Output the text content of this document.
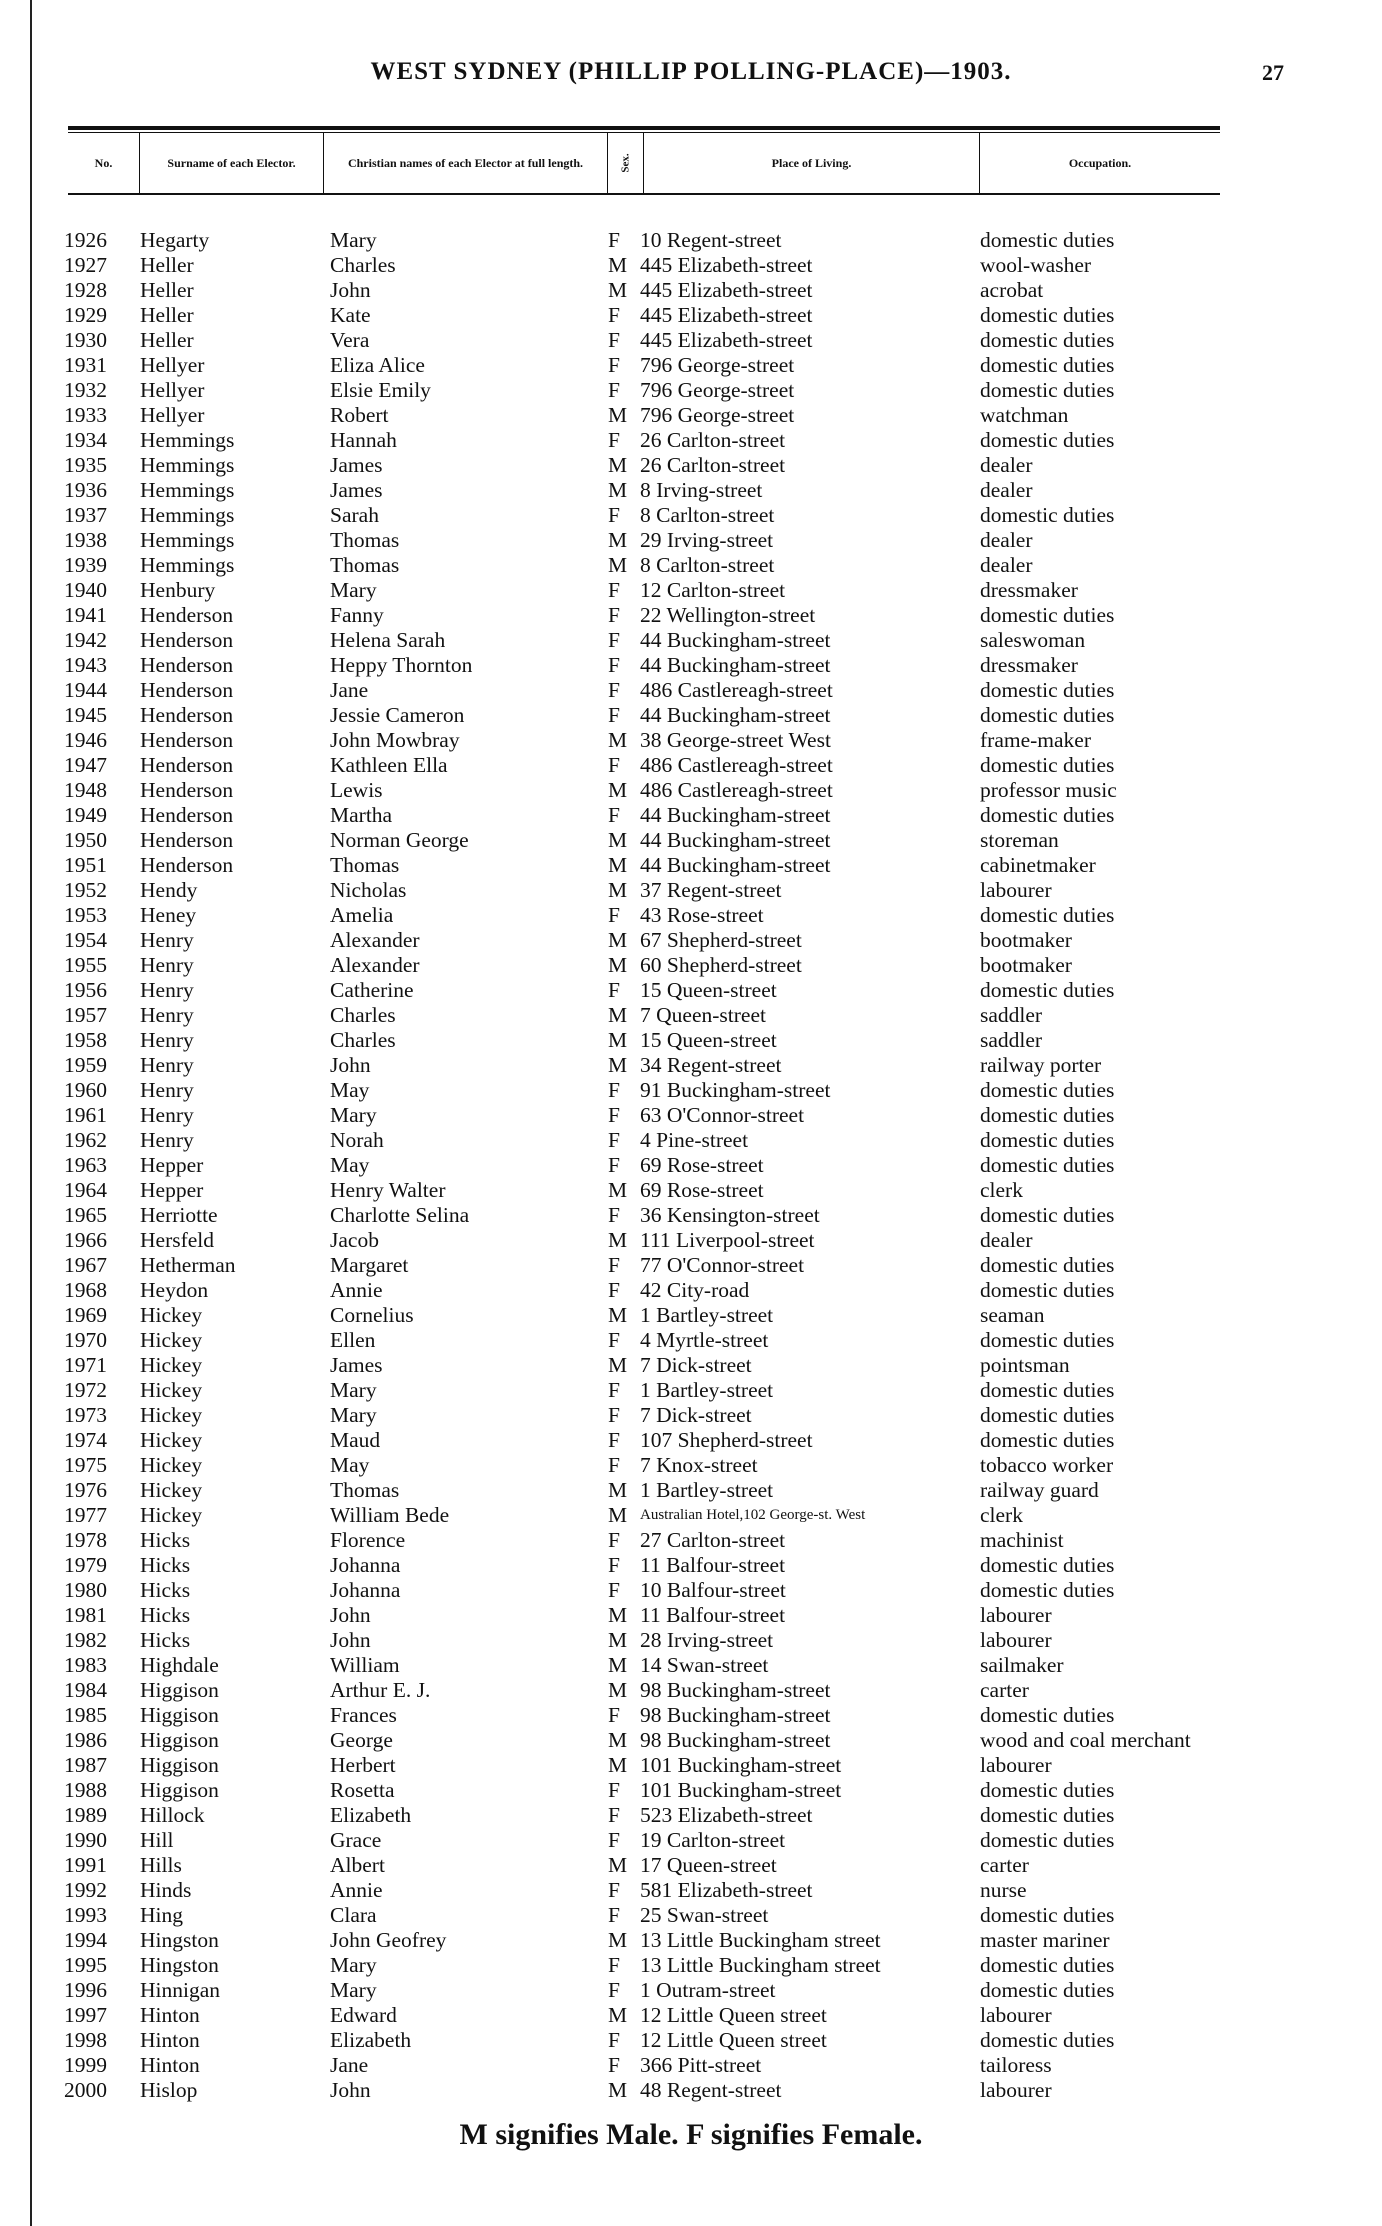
WEST SYDNEY (PHILLIP POLLING-PLACE)—1903.	27
No.	Surname of each Elector.	Christian names of each Elector at full length.	Sex.	Place of Living.	Occupation.
1926	Hegarty	Mary	F 10 Regent-street	domestic duties
1927	Heller	Charles	M 445 Elizabeth-street	wool-washer
1928	Heller	John	M 445 Elizabeth-street	acrobat
1929	Heller	Kate	F 445 Elizabeth-street	domestic duties
1930	Heller	Vera	F 445 Elizabeth-street	domestic duties
1931	Hellyer	Eliza Alice	F 796 George-street	domestic duties
1932	Hellyer	Elsie Emily	F 796 George-street	domestic duties
1933	Hellyer	Robert	M 796 George-street	watchman
1934	Hemmings	Hannah	F 26 Carlton-street	domestic duties
1935	Hemmings	James	M 26 Carlton-street	dealer
1936	Hemmings	James	M 8 Irving-street	dealer
1937	Hemmings	Sarah	F 8 Carlton-street	domestic duties
1938	Hemmings	Thomas	M 29 Irving-street	dealer
1939	Hemmings	Thomas	M 8 Carlton-street	dealer
1940	Henbury	Mary	F 12 Carlton-street	dressmaker
1941	Henderson	Fanny	F 22 Wellington-street	domestic duties
1942	Henderson	Helena Sarah	F 44 Buckingham-street	saleswoman
1943	Henderson	Heppy Thornton	F 44 Buckingham-street	dressmaker
1944	Henderson	Jane	F 486 Castlereagh-street	domestic duties
1945	Henderson	Jessie Cameron	F 44 Buckingham-street	domestic duties
1946	Henderson	John Mowbray	M 38 George-street West	frame-maker
1947	Henderson	Kathleen Ella	F 486 Castlereagh-street	domestic duties
1948	Henderson	Lewis	M 486 Castlereagh-street	professor music
1949	Henderson	Martha	F 44 Buckingham-street	domestic duties
1950	Henderson	Norman George	M 44 Buckingham-street	storeman
1951	Henderson	Thomas	M 44 Buckingham-street	cabinetmaker
1952	Hendy	Nicholas	M 37 Regent-street	labourer
1953	Heney	Amelia	F 43 Rose-street	domestic duties
1954	Henry	Alexander	M 67 Shepherd-street	bootmaker
1955	Henry	Alexander	M 60 Shepherd-street	bootmaker
1956	Henry	Catherine	F 15 Queen-street	domestic duties
1957	Henry	Charles	M 7 Queen-street	saddler
1958	Henry	Charles	M 15 Queen-street	saddler
1959	Henry	John	M 34 Regent-street	railway porter
1960	Henry	May	F 91 Buckingham-street	domestic duties
1961	Henry	Mary	F 63 O'Connor-street	domestic duties
1962	Henry	Norah	F 4 Pine-street	domestic duties
1963	Hepper	May	F 69 Rose-street	domestic duties
1964	Hepper	Henry Walter	M 69 Rose-street	clerk
1965	Herriotte	Charlotte Selina	F 36 Kensington-street	domestic duties
1966	Hersfeld	Jacob	M 111 Liverpool-street	dealer
1967	Hetherman	Margaret	F 77 O'Connor-street	domestic duties
1968	Heydon	Annie	F 42 City-road	domestic duties
1969	Hickey	Cornelius	M 1 Bartley-street	seaman
1970	Hickey	Ellen	F 4 Myrtle-street	domestic duties
1971	Hickey	James	M 7 Dick-street	pointsman
1972	Hickey	Mary	F 1 Bartley-street	domestic duties
1973	Hickey	Mary	F 7 Dick-street	domestic duties
1974	Hickey	Maud	F 107 Shepherd-street	domestic duties
1975	Hickey	May	F 7 Knox-street	tobacco worker
1976	Hickey	Thomas	M 1 Bartley-street	railway guard
1977	Hickey	William Bede	M Australian Hotel,102 George-st. West	clerk
1978	Hicks	Florence	F 27 Carlton-street	machinist
1979	Hicks	Johanna	F 11 Balfour-street	domestic duties
1980	Hicks	Johanna	F 10 Balfour-street	domestic duties
1981	Hicks	John	M 11 Balfour-street	labourer
1982	Hicks	John	M 28 Irving-street	labourer
1983	Highdale	William	M 14 Swan-street	sailmaker
1984	Higgison	Arthur E. J.	M 98 Buckingham-street	carter
1985	Higgison	Frances	F 98 Buckingham-street	domestic duties
1986	Higgison	George	M 98 Buckingham-street	wood and coal merchant
1987	Higgison	Herbert	M 101 Buckingham-street	labourer
1988	Higgison	Rosetta	F 101 Buckingham-street	domestic duties
1989	Hillock	Elizabeth	F 523 Elizabeth-street	domestic duties
1990	Hill	Grace	F 19 Carlton-street	domestic duties
1991	Hills	Albert	M 17 Queen-street	carter
1992	Hinds	Annie	F 581 Elizabeth-street	nurse
1993	Hing	Clara	F 25 Swan-street	domestic duties
1994	Hingston	John Geofrey	M 13 Little Buckingham street	master mariner
1995	Hingston	Mary	F 13 Little Buckingham street	domestic duties
1996	Hinnigan	Mary	F 1 Outram-street	domestic duties
1997	Hinton	Edward	M 12 Little Queen street	labourer
1998	Hinton	Elizabeth	F 12 Little Queen street	domestic duties
1999	Hinton	Jane	F 366 Pitt-street	tailoress
2000	Hislop	John	M 48 Regent-street	labourer
M signifies Male. F signifies Female.
